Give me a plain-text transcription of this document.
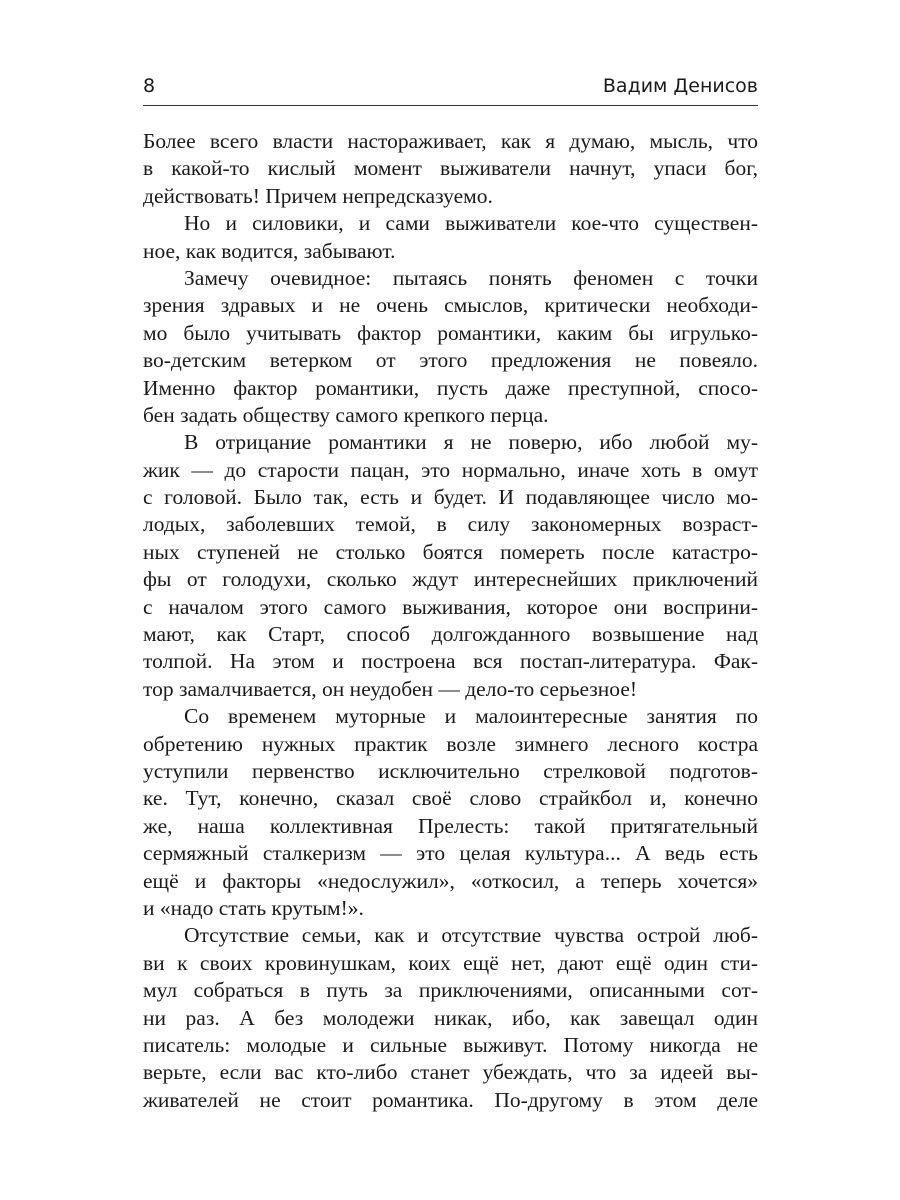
8	Вадим Денисов
Более всего власти настораживает, как я думаю, мысль, что
в какой-то кислый момент выживатели начнут, упаси бог,
действовать! Причем непредсказуемо.
Но и силовики, и сами выживатели кое-что существен-
ное, как водится, забывают.
Замечу очевидное: пытаясь понять феномен с точки
зрения здравых и не очень смыслов, критически необходи-
мо было учитывать фактор романтики, каким бы игрулько-
во-детским ветерком от этого предложения не повеяло.
Именно фактор романтики, пусть даже преступной, спосо-
бен задать обществу самого крепкого перца.
В отрицание романтики я не поверю, ибо любой му-
жик — до старости пацан, это нормально, иначе хоть в омут
с головой. Было так, есть и будет. И подавляющее число мо-
лодых, заболевших темой, в силу закономерных возраст-
ных ступеней не столько боятся помереть после катастро-
фы от голодухи, сколько ждут интереснейших приключений
с началом этого самого выживания, которое они восприни-
мают, как Старт, способ долгожданного возвышение над
толпой. На этом и построена вся постап-литература. Фак-
тор замалчивается, он неудобен — дело-то серьезное!
Со временем муторные и малоинтересные занятия по
обретению нужных практик возле зимнего лесного костра
уступили первенство исключительно стрелковой подготов-
ке. Тут, конечно, сказал своё слово страйкбол и, конечно
же, наша коллективная Прелесть: такой притягательный
сермяжный сталкеризм — это целая культура... А ведь есть
ещё и факторы «недослужил», «откосил, а теперь хочется»
и «надо стать крутым!».
Отсутствие семьи, как и отсутствие чувства острой люб-
ви к своих кровинушкам, коих ещё нет, дают ещё один сти-
мул собраться в путь за приключениями, описанными сот-
ни раз. А без молодежи никак, ибо, как завещал один
писатель: молодые и сильные выживут. Потому никогда не
верьте, если вас кто-либо станет убеждать, что за идеей вы-
живателей не стоит романтика. По-другому в этом деле
